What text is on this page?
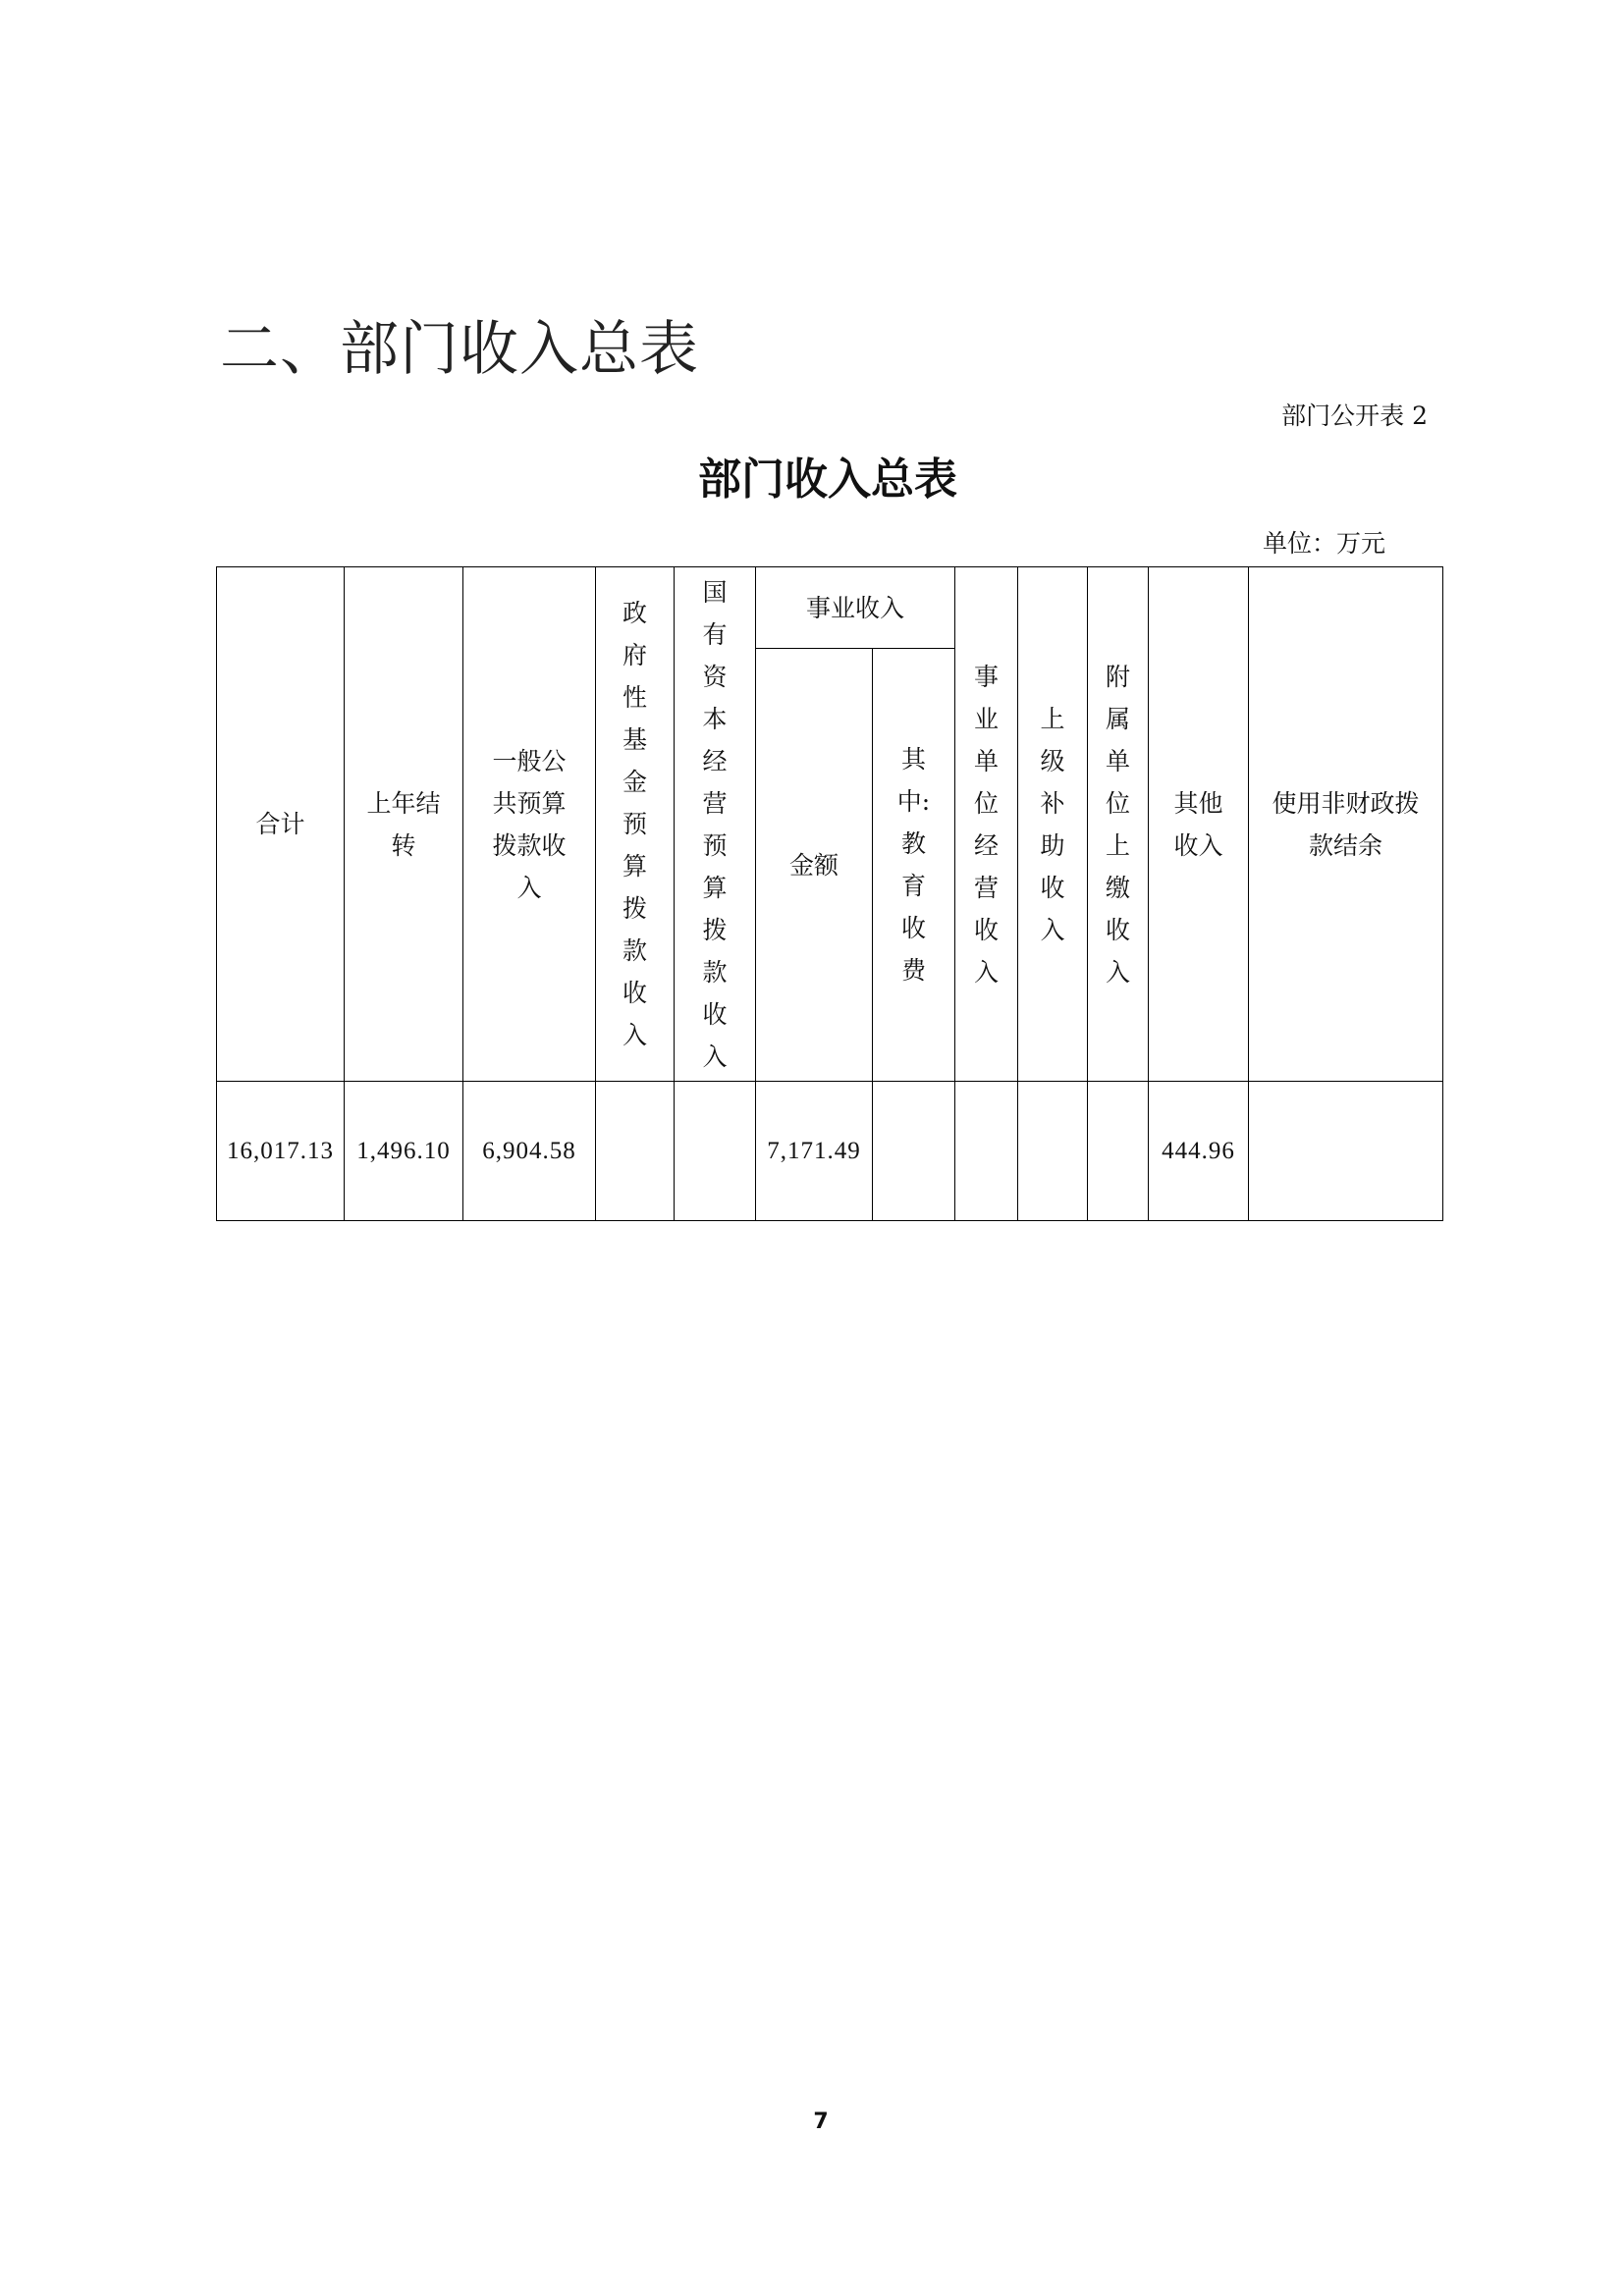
二、部门收入总表
部门公开表 2
部门收入总表
单位：万元
合计	上年结转	一般公共预算拨款收入	政府性基金预算拨款收入	国有资本经营预算拨款收入	事业收入		事业单位经营收入	上级补助收入	附属单位上缴收入	其他收入	使用非财政拨款结余

					金额	其中:教育收费					

16,017.13	1,496.10	6,904.58			7,171.49					444.96	
7
